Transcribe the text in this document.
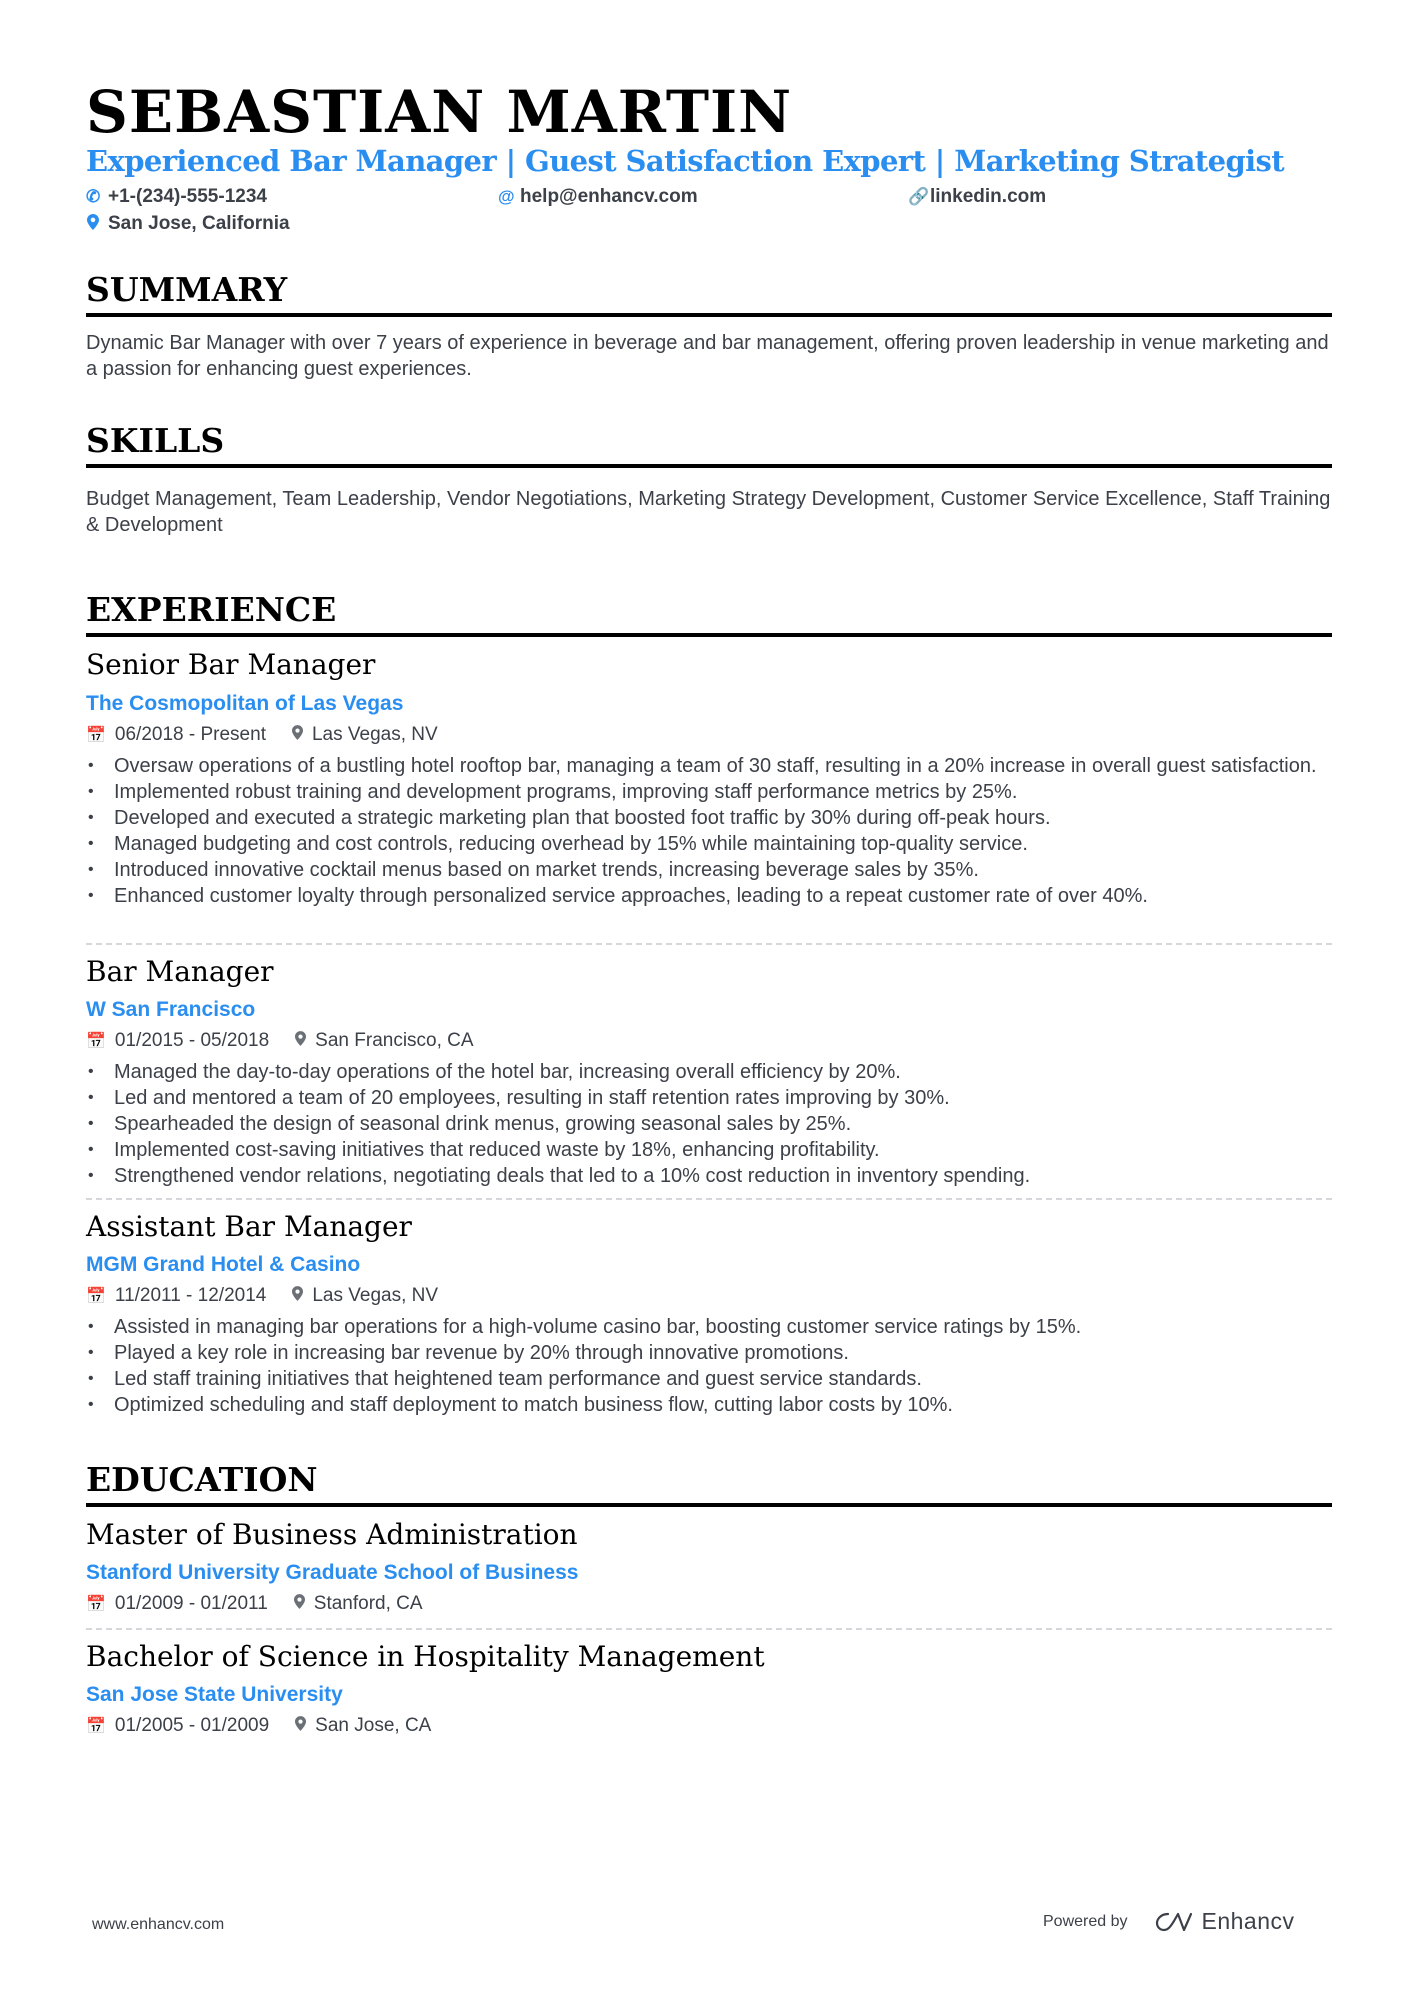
SEBASTIAN MARTIN
Experienced Bar Manager | Guest Satisfaction Expert | Marketing Strategist
✆ +1-(234)-555-1234	@ help@enhancv.com	🔗 linkedin.com
San Jose, California
SUMMARY
Dynamic Bar Manager with over 7 years of experience in beverage and bar management, offering proven leadership in venue marketing and a passion for enhancing guest experiences.
SKILLS
Budget Management, Team Leadership, Vendor Negotiations, Marketing Strategy Development, Customer Service Excellence, Staff Training & Development
EXPERIENCE
Senior Bar Manager
The Cosmopolitan of Las Vegas
📅 06/2018 - Present Las Vegas, NV
• Oversaw operations of a bustling hotel rooftop bar, managing a team of 30 staff, resulting in a 20% increase in overall guest satisfaction.
• Implemented robust training and development programs, improving staff performance metrics by 25%.
• Developed and executed a strategic marketing plan that boosted foot traffic by 30% during off-peak hours.
• Managed budgeting and cost controls, reducing overhead by 15% while maintaining top-quality service.
• Introduced innovative cocktail menus based on market trends, increasing beverage sales by 35%.
• Enhanced customer loyalty through personalized service approaches, leading to a repeat customer rate of over 40%.
Bar Manager
W San Francisco
📅 01/2015 - 05/2018 San Francisco, CA
• Managed the day-to-day operations of the hotel bar, increasing overall efficiency by 20%.
• Led and mentored a team of 20 employees, resulting in staff retention rates improving by 30%.
• Spearheaded the design of seasonal drink menus, growing seasonal sales by 25%.
• Implemented cost-saving initiatives that reduced waste by 18%, enhancing profitability.
• Strengthened vendor relations, negotiating deals that led to a 10% cost reduction in inventory spending.
Assistant Bar Manager
MGM Grand Hotel & Casino
📅 11/2011 - 12/2014 Las Vegas, NV
• Assisted in managing bar operations for a high-volume casino bar, boosting customer service ratings by 15%.
• Played a key role in increasing bar revenue by 20% through innovative promotions.
• Led staff training initiatives that heightened team performance and guest service standards.
• Optimized scheduling and staff deployment to match business flow, cutting labor costs by 10%.
EDUCATION
Master of Business Administration
Stanford University Graduate School of Business
📅 01/2009 - 01/2011 Stanford, CA
Bachelor of Science in Hospitality Management
San Jose State University
📅 01/2005 - 01/2009 San Jose, CA
www.enhancv.com	Powered by	Enhancv
